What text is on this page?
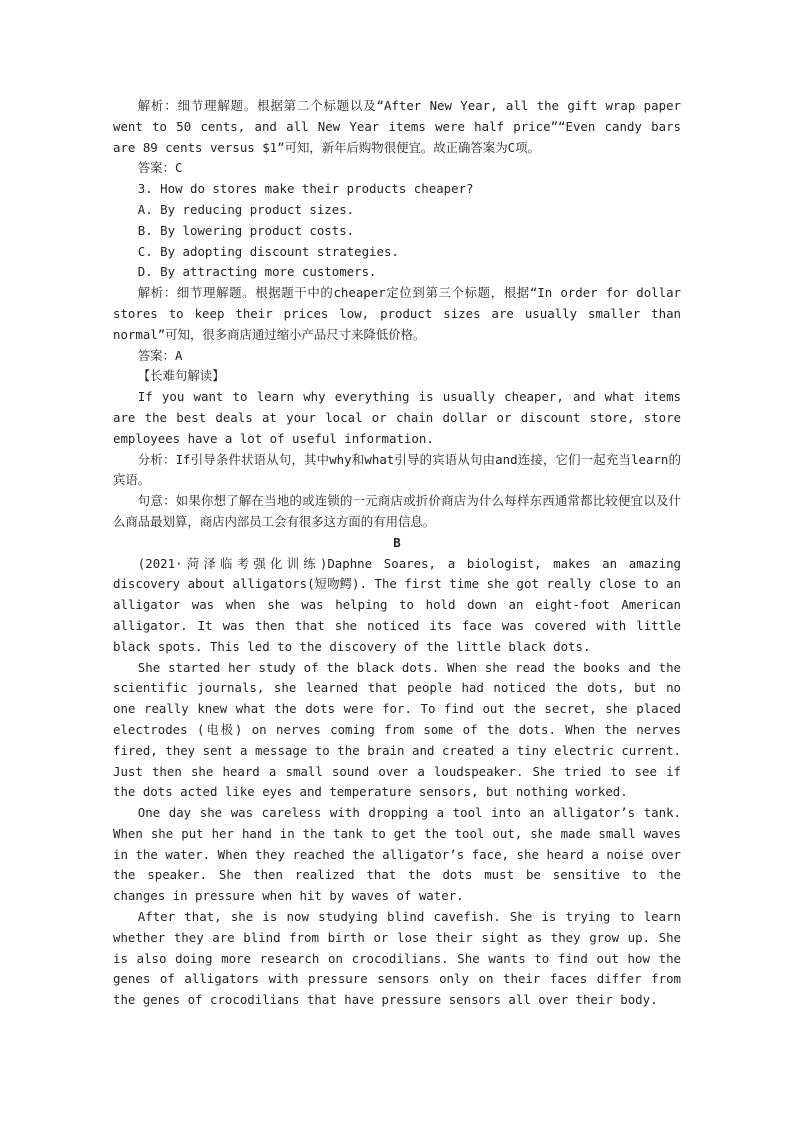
解析：细节理解题。根据第二个标题以及“After New Year, all the gift wrap paper went to 50 cents, and all New Year items were half price”“Even candy bars are 89 cents versus $1”可知，新年后购物很便宜。故正确答案为C项。

答案：C

3. How do stores make their products cheaper?

A. By reducing product sizes.

B. By lowering product costs.

C. By adopting discount strategies.

D. By attracting more customers.

解析：细节理解题。根据题干中的cheaper定位到第三个标题，根据“In order for dollar stores to keep their prices low, product sizes are usually smaller than normal”可知，很多商店通过缩小产品尺寸来降低价格。

答案：A

【长难句解读】

If you want to learn why everything is usually cheaper, and what items are the best deals at your local or chain dollar or discount store, store employees have a lot of useful information.

分析：If引导条件状语从句，其中why和what引导的宾语从句由and连接，它们一起充当learn的宾语。

句意：如果你想了解在当地的或连锁的一元商店或折价商店为什么每样东西通常都比较便宜以及什么商品最划算，商店内部员工会有很多这方面的有用信息。

B

(2021·菏泽临考强化训练)Daphne Soares, a biologist, makes an amazing discovery about alligators(短吻鳄). The first time she got really close to an alligator was when she was helping to hold down an eight-foot American alligator. It was then that she noticed its face was covered with little black spots. This led to the discovery of the little black dots.

She started her study of the black dots. When she read the books and the scientific journals, she learned that people had noticed the dots, but no one really knew what the dots were for. To find out the secret, she placed electrodes (电极) on nerves coming from some of the dots. When the nerves fired, they sent a message to the brain and created a tiny electric current. Just then she heard a small sound over a loudspeaker. She tried to see if the dots acted like eyes and temperature sensors, but nothing worked.

One day she was careless with dropping a tool into an alligator’s tank. When she put her hand in the tank to get the tool out, she made small waves in the water. When they reached the alligator’s face, she heard a noise over the speaker. She then realized that the dots must be sensitive to the changes in pressure when hit by waves of water.

After that, she is now studying blind cavefish. She is trying to learn whether they are blind from birth or lose their sight as they grow up. She is also doing more research on crocodilians. She wants to find out how the genes of alligators with pressure sensors only on their faces differ from the genes of crocodilians that have pressure sensors all over their body.
